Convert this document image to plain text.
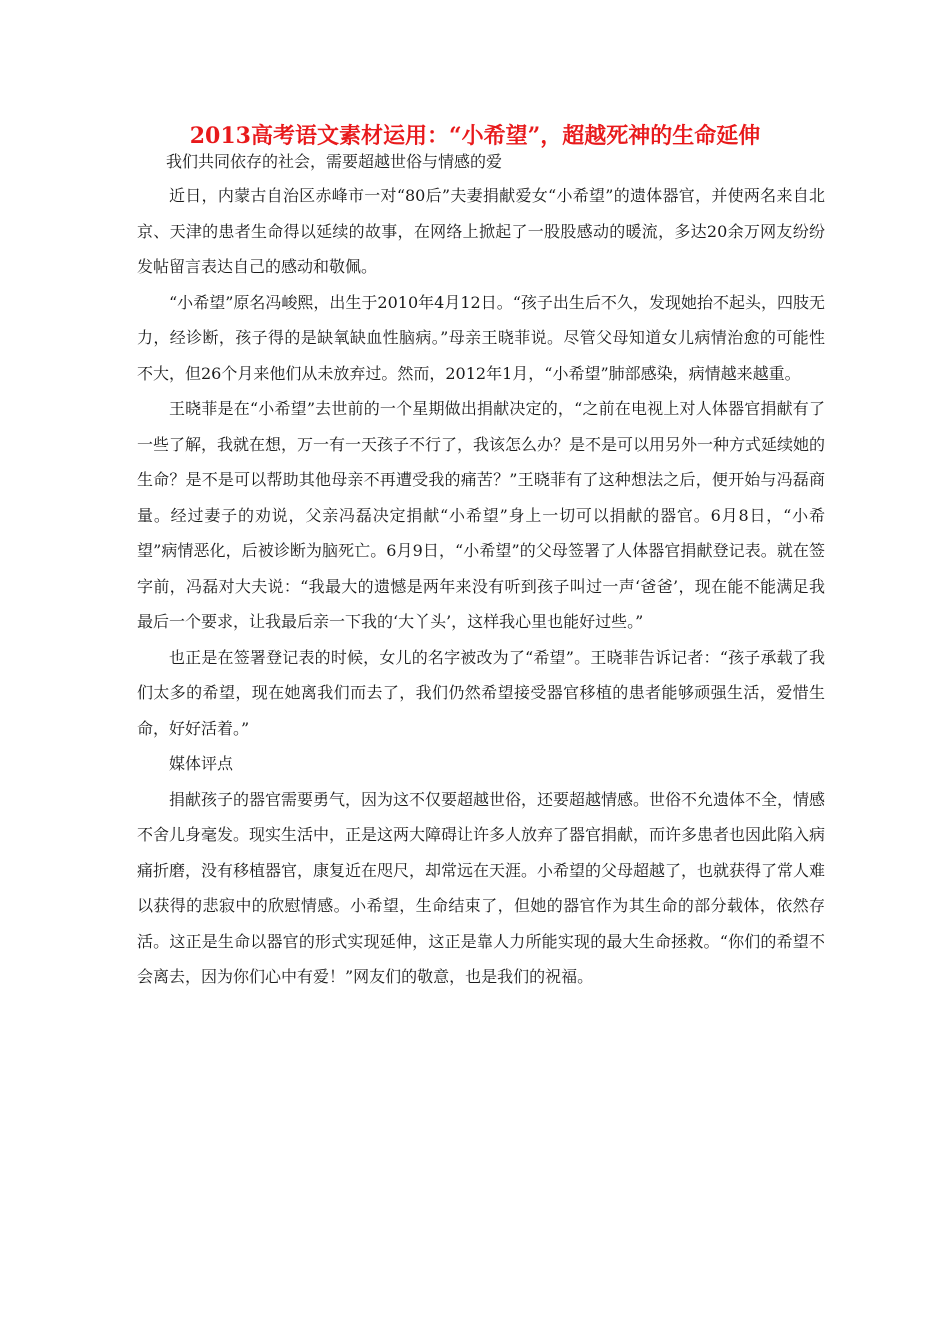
2013高考语文素材运用：“小希望”，超越死神的生命延伸

我们共同依存的社会，需要超越世俗与情感的爱

近日，内蒙古自治区赤峰市一对“80后”夫妻捐献爱女“小希望”的遗体器官，并使两名来自北京、天津的患者生命得以延续的故事，在网络上掀起了一股股感动的暖流，多达20余万网友纷纷发帖留言表达自己的感动和敬佩。

“小希望”原名冯峻熙，出生于2010年4月12日。“孩子出生后不久，发现她抬不起头，四肢无力，经诊断，孩子得的是缺氧缺血性脑病。”母亲王晓菲说。尽管父母知道女儿病情治愈的可能性不大，但26个月来他们从未放弃过。然而，2012年1月，“小希望”肺部感染，病情越来越重。

王晓菲是在“小希望”去世前的一个星期做出捐献决定的，“之前在电视上对人体器官捐献有了一些了解，我就在想，万一有一天孩子不行了，我该怎么办？是不是可以用另外一种方式延续她的生命？是不是可以帮助其他母亲不再遭受我的痛苦？”王晓菲有了这种想法之后，便开始与冯磊商量。经过妻子的劝说，父亲冯磊决定捐献“小希望”身上一切可以捐献的器官。6月8日，“小希望”病情恶化，后被诊断为脑死亡。6月9日，“小希望”的父母签署了人体器官捐献登记表。就在签字前，冯磊对大夫说：“我最大的遗憾是两年来没有听到孩子叫过一声‘爸爸’，现在能不能满足我最后一个要求，让我最后亲一下我的‘大丫头’，这样我心里也能好过些。”

也正是在签署登记表的时候，女儿的名字被改为了“希望”。王晓菲告诉记者：“孩子承载了我们太多的希望，现在她离我们而去了，我们仍然希望接受器官移植的患者能够顽强生活，爱惜生命，好好活着。”

媒体评点

捐献孩子的器官需要勇气，因为这不仅要超越世俗，还要超越情感。世俗不允遗体不全，情感不舍儿身毫发。现实生活中，正是这两大障碍让许多人放弃了器官捐献，而许多患者也因此陷入病痛折磨，没有移植器官，康复近在咫尺，却常远在天涯。小希望的父母超越了，也就获得了常人难以获得的悲寂中的欣慰情感。小希望，生命结束了，但她的器官作为其生命的部分载体，依然存活。这正是生命以器官的形式实现延伸，这正是靠人力所能实现的最大生命拯救。“你们的希望不会离去，因为你们心中有爱！”网友们的敬意，也是我们的祝福。
